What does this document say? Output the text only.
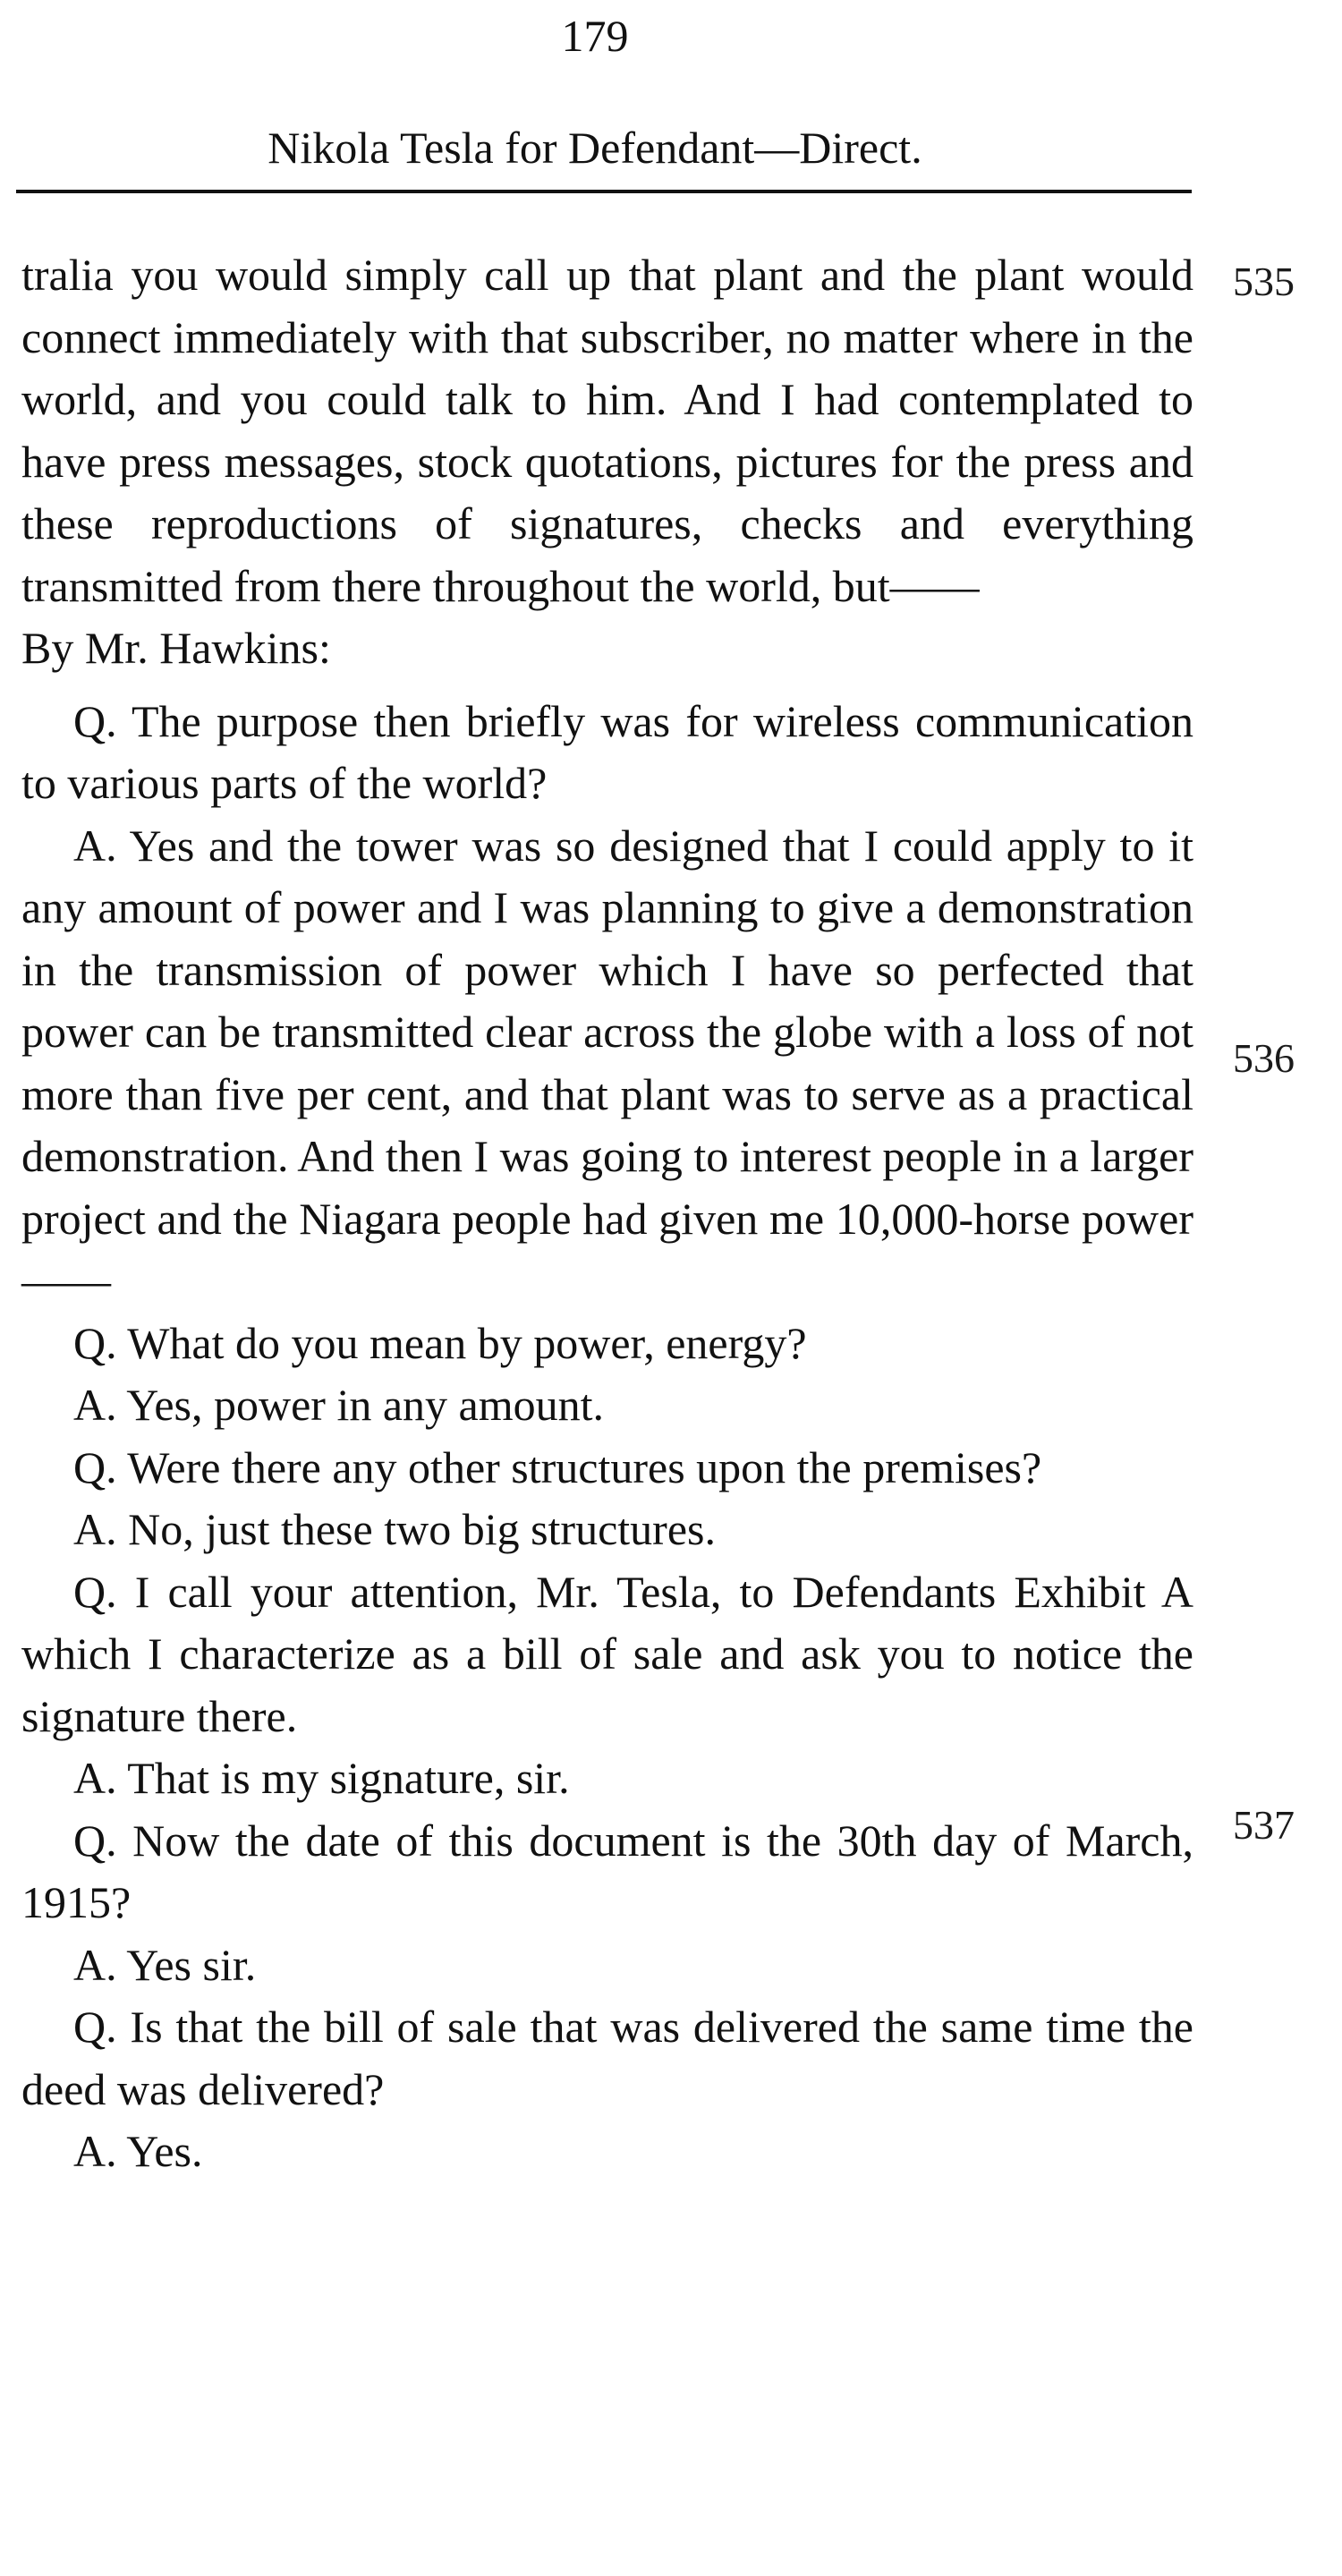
179
Nikola Tesla for Defendant—Direct.

tralia you would simply call up that plant and the plant would connect immediately with that subscriber, no matter where in the world, and you could talk to him. And I had contemplated to have press messages, stock quotations, pictures for the press and these reproductions of signatures, checks and everything transmitted from there throughout the world, but——

By Mr. Hawkins:

Q. The purpose then briefly was for wireless communication to various parts of the world?

A. Yes and the tower was so designed that I could apply to it any amount of power and I was planning to give a demonstration in the transmission of power which I have so perfected that power can be transmitted clear across the globe with a loss of not more than five per cent, and that plant was to serve as a practical demonstration. And then I was going to interest people in a larger project and the Niagara people had given me 10,000-horse power——

Q. What do you mean by power, energy?

A. Yes, power in any amount.

Q. Were there any other structures upon the premises?

A. No, just these two big structures.

Q. I call your attention, Mr. Tesla, to Defendants Exhibit A which I characterize as a bill of sale and ask you to notice the signature there.

A. That is my signature, sir.

Q. Now the date of this document is the 30th day of March, 1915?

A. Yes sir.

Q. Is that the bill of sale that was delivered the same time the deed was delivered?

A. Yes.

535
536
537
